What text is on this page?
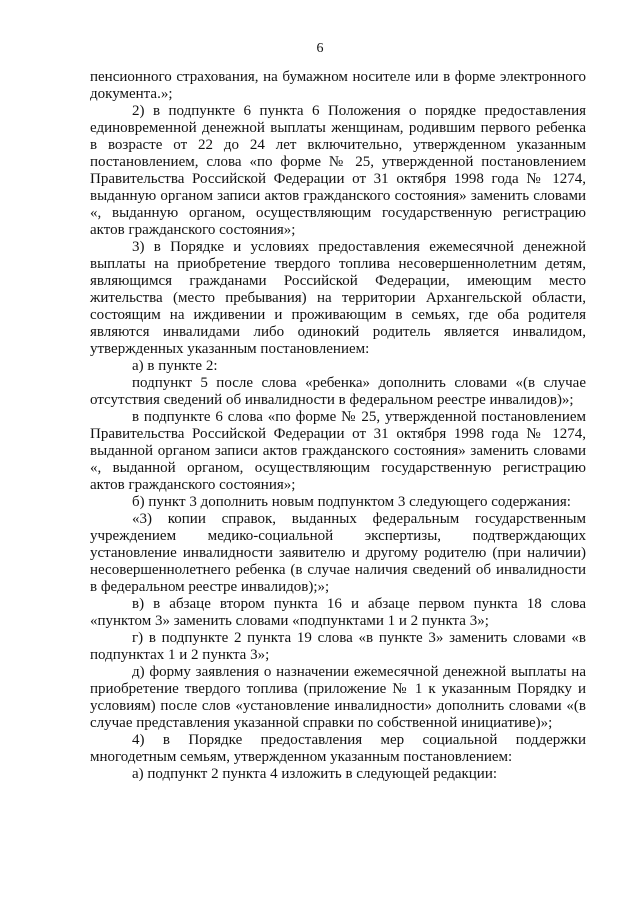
6

пенсионного страхования, на бумажном носителе или в форме электронного документа.»;

2) в подпункте 6 пункта 6 Положения о порядке предоставления единовременной денежной выплаты женщинам, родившим первого ребенка в возрасте от 22 до 24 лет включительно, утвержденном указанным постановлением, слова «по форме № 25, утвержденной постановлением Правительства Российской Федерации от 31 октября 1998 года № 1274, выданную органом записи актов гражданского состояния» заменить словами «, выданную органом, осуществляющим государственную регистрацию актов гражданского состояния»;

3) в Порядке и условиях предоставления ежемесячной денежной выплаты на приобретение твердого топлива несовершеннолетним детям, являющимся гражданами Российской Федерации, имеющим место жительства (место пребывания) на территории Архангельской области, состоящим на иждивении и проживающим в семьях, где оба родителя являются инвалидами либо одинокий родитель является инвалидом, утвержденных указанным постановлением:

а) в пункте 2:

подпункт 5 после слова «ребенка» дополнить словами «(в случае отсутствия сведений об инвалидности в федеральном реестре инвалидов)»;

в подпункте 6 слова «по форме № 25, утвержденной постановлением Правительства Российской Федерации от 31 октября 1998 года № 1274, выданной органом записи актов гражданского состояния» заменить словами «, выданной органом, осуществляющим государственную регистрацию актов гражданского состояния»;

б) пункт 3 дополнить новым подпунктом 3 следующего содержания:

«3) копии справок, выданных федеральным государственным учреждением медико-социальной экспертизы, подтверждающих установление инвалидности заявителю и другому родителю (при наличии) несовершеннолетнего ребенка (в случае наличия сведений об инвалидности в федеральном реестре инвалидов);»;

в) в абзаце втором пункта 16 и абзаце первом пункта 18 слова «пунктом 3» заменить словами «подпунктами 1 и 2 пункта 3»;

г) в подпункте 2 пункта 19 слова «в пункте 3» заменить словами «в подпунктах 1 и 2 пункта 3»;

д) форму заявления о назначении ежемесячной денежной выплаты на приобретение твердого топлива (приложение № 1 к указанным Порядку и условиям) после слов «установление инвалидности» дополнить словами «(в случае представления указанной справки по собственной инициативе)»;

4) в Порядке предоставления мер социальной поддержки многодетным семьям, утвержденном указанным постановлением:

а) подпункт 2 пункта 4 изложить в следующей редакции:
